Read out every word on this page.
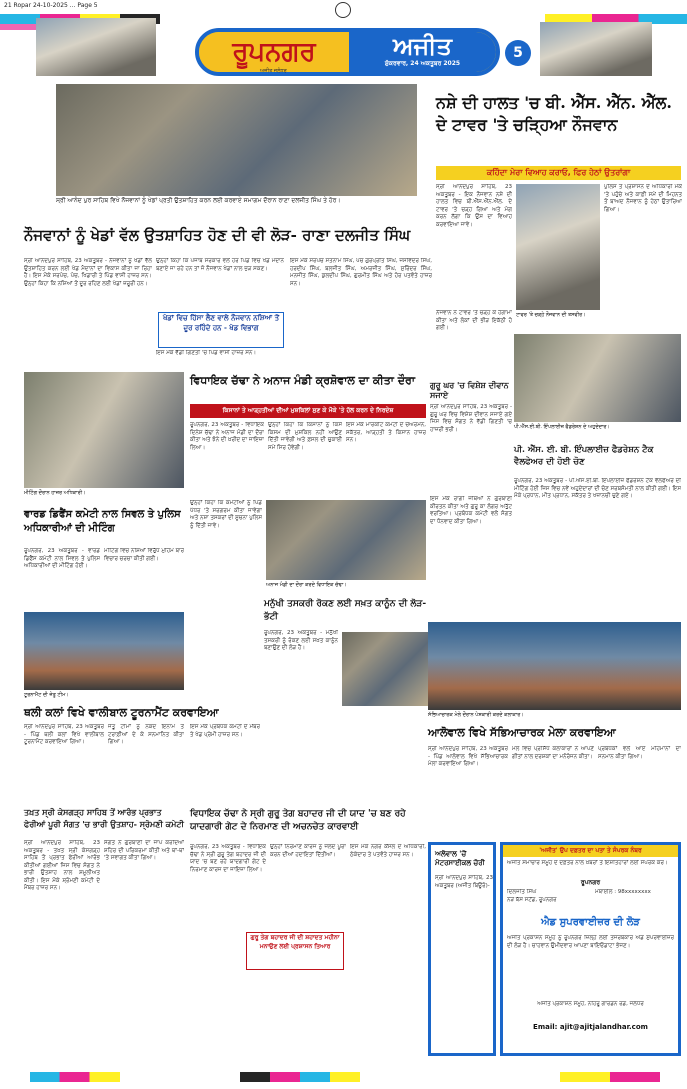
21 Ropar 24-10-2025 ... Page 5
ਰੂਪਨਗਰ	ਅਜੀਤ
ਸ਼ੁੱਕਰਵਾਰ, 24 ਅਕਤੂਬਰ 2025
5
ਅਜੀਤ ਜਲੰਧਰ
ਸ੍ਰੀ ਆਨੰਦ ਪੁਰ ਸਾਹਿਬ ਵਿਖੇ ਨੌਜਵਾਨਾਂ ਨੂੰ ਖੇਡਾਂ ਪ੍ਰਤੀ ਉਤਸ਼ਾਹਿਤ ਕਰਨ ਲਈ ਕਰਵਾਏ ਸਮਾਗਮ ਦੌਰਾਨ ਰਾਣਾ ਦਲਜੀਤ ਸਿੰਘ ਤੇ ਹੋਰ।
ਨੌਜਵਾਨਾਂ ਨੂੰ ਖੇਡਾਂ ਵੱਲ ਉਤਸ਼ਾਹਿਤ ਹੋਣ ਦੀ ਵੀ ਲੋੜ- ਰਾਣਾ ਦਲਜੀਤ ਸਿੰਘ
ਸ੍ਰੀ ਆਨੰਦਪੁਰ ਸਾਹਿਬ, 23 ਅਕਤੂਬਰ - ਨੌਜਵਾਨਾਂ ਨੂੰ ਖੇਡਾਂ ਵੱਲ ਉਤਸ਼ਾਹਿਤ ਕਰਨ ਲਈ ਖੇਡ ਮੈਦਾਨਾਂ ਦਾ ਵਿਕਾਸ ਕੀਤਾ ਜਾ ਰਿਹਾ ਹੈ। ਇਸ ਮੌਕੇ ਸਰਪੰਚ, ਪੰਚ, ਖਿਡਾਰੀ ਤੇ ਪਿੰਡ ਵਾਸੀ ਹਾਜ਼ਰ ਸਨ। ਉਨ੍ਹਾਂ ਕਿਹਾ ਕਿ ਨਸ਼ਿਆਂ ਤੋਂ ਦੂਰ ਰਹਿਣ ਲਈ ਖੇਡਾਂ ਜ਼ਰੂਰੀ ਹਨ।
ਉਨ੍ਹਾਂ ਕਿਹਾ ਕਿ ਪੰਜਾਬ ਸਰਕਾਰ ਵਲੋਂ ਹਰ ਪਿੰਡ ਵਿਚ ਖੇਡ ਮੈਦਾਨ ਬਣਾਏ ਜਾ ਰਹੇ ਹਨ ਤਾਂ ਜੋ ਨੌਜਵਾਨ ਖੇਡਾਂ ਨਾਲ ਜੁੜ ਸਕਣ।
ਖੇਡਾਂ ਵਿਚ ਹਿੱਸਾ ਲੈਣ ਵਾਲੇ ਨੌਜਵਾਨ ਨਸ਼ਿਆਂ ਤੋਂ ਦੂਰ ਰਹਿੰਦੇ ਹਨ - ਖੇਡ ਵਿਭਾਗ
ਇਸ ਮੌਕੇ ਵੱਡੀ ਗਿਣਤੀ 'ਚ ਪਿੰਡ ਵਾਸੀ ਹਾਜ਼ਰ ਸਨ।
ਇਸ ਮੌਕੇ ਸਰਪੰਚ ਸਤਨਾਮ ਸਿੰਘ, ਪੰਚ ਗੁਰਪ੍ਰੀਤ ਸਿੰਘ, ਜਸਵਿੰਦਰ ਸਿੰਘ, ਹਰਦੀਪ ਸਿੰਘ, ਬਲਜੀਤ ਸਿੰਘ, ਅਮਰਜੀਤ ਸਿੰਘ, ਸੁਰਿੰਦਰ ਸਿੰਘ, ਮਨਜੀਤ ਸਿੰਘ, ਕੁਲਦੀਪ ਸਿੰਘ, ਗੁਰਮੀਤ ਸਿੰਘ ਅਤੇ ਹੋਰ ਪਤਵੰਤੇ ਹਾਜ਼ਰ ਸਨ।
ਨਸ਼ੇ ਦੀ ਹਾਲਤ 'ਚ ਬੀ. ਐੱਸ. ਐੱਨ. ਐੱਲ. ਦੇ ਟਾਵਰ 'ਤੇ ਚੜ੍ਹਿਆ ਨੌਜਵਾਨ
ਕਹਿੰਦਾ ਮੇਰਾ ਵਿਆਹ ਕਰਾਓ, ਫਿਰ ਹੇਠਾਂ ਉਤਰਾਂਗਾ
ਸ੍ਰੀ ਆਨੰਦਪੁਰ ਸਾਹਿਬ, 23 ਅਕਤੂਬਰ - ਇਕ ਨੌਜਵਾਨ ਨਸ਼ੇ ਦੀ ਹਾਲਤ ਵਿਚ ਬੀ.ਐੱਸ.ਐੱਨ.ਐੱਲ. ਦੇ ਟਾਵਰ 'ਤੇ ਚੜ੍ਹ ਗਿਆ ਅਤੇ ਮੰਗ ਕਰਨ ਲੱਗਾ ਕਿ ਉਸ ਦਾ ਵਿਆਹ ਕਰਵਾਇਆ ਜਾਵੇ।
ਪੁਲਿਸ ਤੇ ਪ੍ਰਸ਼ਾਸਨ ਦੇ ਅਧਿਕਾਰੀ ਮੌਕੇ 'ਤੇ ਪਹੁੰਚੇ ਅਤੇ ਕਾਫ਼ੀ ਸਮੇਂ ਦੀ ਮਿਹਨਤ ਤੋਂ ਬਾਅਦ ਨੌਜਵਾਨ ਨੂੰ ਹੇਠਾਂ ਉਤਾਰਿਆ ਗਿਆ।
ਟਾਵਰ 'ਤੇ ਚੜ੍ਹੇ ਨੌਜਵਾਨ ਦੀ ਤਸਵੀਰ।
ਨੌਜਵਾਨ ਨੇ ਟਾਵਰ 'ਤੇ ਚੜ੍ਹ ਕੇ ਹੰਗਾਮਾ ਕੀਤਾ ਅਤੇ ਲੋਕਾਂ ਦੀ ਭੀੜ ਇਕੱਠੀ ਹੋ ਗਈ।
ਗੁਰੂ ਘਰ 'ਚ ਵਿਸ਼ੇਸ਼ ਦੀਵਾਨ ਸਜਾਏ
ਸ੍ਰੀ ਆਨੰਦਪੁਰ ਸਾਹਿਬ, 23 ਅਕਤੂਬਰ - ਗੁਰੂ ਘਰ ਵਿਚ ਵਿਸ਼ੇਸ਼ ਦੀਵਾਨ ਸਜਾਏ ਗਏ ਜਿਸ ਵਿਚ ਸੰਗਤ ਨੇ ਵੱਡੀ ਗਿਣਤੀ 'ਚ ਹਾਜ਼ਰੀ ਭਰੀ।	ਪੀ.ਐੱਸ.ਈ.ਬੀ. ਇੰਪਲਾਈਜ਼ ਫੈਡਰੇਸ਼ਨ ਦੇ ਅਹੁਦੇਦਾਰ।
ਪੀ. ਐੱਸ. ਈ. ਬੀ. ਇੰਪਲਾਈਜ਼ ਫੈਡਰੇਸ਼ਨ ਟੈਕ ਵੈਲਫੇਅਰ ਦੀ ਹੋਈ ਚੋਣ
ਰੂਪਨਗਰ, 23 ਅਕਤੂਬਰ - ਪੀ.ਐੱਸ.ਈ.ਬੀ. ਇੰਪਲਾਈਜ਼ ਫੈਡਰੇਸ਼ਨ ਟੈਕ ਵੈਲਫੇਅਰ ਦੀ ਮੀਟਿੰਗ ਹੋਈ ਜਿਸ ਵਿਚ ਨਵੇਂ ਅਹੁਦੇਦਾਰਾਂ ਦੀ ਚੋਣ ਸਰਬਸੰਮਤੀ ਨਾਲ ਕੀਤੀ ਗਈ। ਇਸ ਮੌਕੇ ਪ੍ਰਧਾਨ, ਮੀਤ ਪ੍ਰਧਾਨ, ਸਕੱਤਰ ਤੇ ਖਜ਼ਾਨਚੀ ਚੁਣੇ ਗਏ।
ਇਸ ਮੌਕੇ ਰਾਗੀ ਜਥਿਆਂ ਨੇ ਗੁਰਬਾਣੀ ਕੀਰਤਨ ਕੀਤਾ ਅਤੇ ਗੁਰੂ ਕਾ ਲੰਗਰ ਅਤੁੱਟ ਵਰਤਿਆ। ਪ੍ਰਬੰਧਕ ਕਮੇਟੀ ਵਲੋਂ ਸੰਗਤ ਦਾ ਧੰਨਵਾਦ ਕੀਤਾ ਗਿਆ।
ਮੀਟਿੰਗ ਦੌਰਾਨ ਹਾਜ਼ਰ ਅਧਿਕਾਰੀ।
ਵਿਧਾਇਕ ਚੱਢਾ ਨੇ ਅਨਾਜ ਮੰਡੀ ਕ੍ਰਸ਼ੋਵਾਲ ਦਾ ਕੀਤਾ ਦੌਰਾ
ਕਿਸਾਨਾਂ ਤੇ ਆੜ੍ਹਤੀਆਂ ਦੀਆਂ ਮੁਸ਼ਕਿਲਾਂ ਸੁਣ ਕੇ ਮੌਕੇ 'ਤੇ ਹੱਲ ਕਰਨ ਦੇ ਨਿਰਦੇਸ਼
ਰੂਪਨਗਰ, 23 ਅਕਤੂਬਰ - ਵਿਧਾਇਕ ਦਿਨੇਸ਼ ਚੱਢਾ ਨੇ ਅਨਾਜ ਮੰਡੀ ਦਾ ਦੌਰਾ ਕੀਤਾ ਅਤੇ ਝੋਨੇ ਦੀ ਖ਼ਰੀਦ ਦਾ ਜਾਇਜ਼ਾ ਲਿਆ।
ਉਨ੍ਹਾਂ ਕਿਹਾ ਕਿ ਕਿਸਾਨਾਂ ਨੂੰ ਕਿਸੇ ਕਿਸਮ ਦੀ ਮੁਸ਼ਕਿਲ ਨਹੀਂ ਆਉਣ ਦਿੱਤੀ ਜਾਵੇਗੀ ਅਤੇ ਫ਼ਸਲ ਦੀ ਚੁਕਾਈ ਸਮੇਂ ਸਿਰ ਹੋਵੇਗੀ।
ਇਸ ਮੌਕੇ ਮਾਰਕੀਟ ਕਮੇਟੀ ਦੇ ਚੇਅਰਮੈਨ, ਸਕੱਤਰ, ਆੜ੍ਹਤੀ ਤੇ ਕਿਸਾਨ ਹਾਜ਼ਰ ਸਨ।
ਅਨਾਜ ਮੰਡੀ ਦਾ ਦੌਰਾ ਕਰਦੇ ਵਿਧਾਇਕ ਚੱਢਾ।
ਵਾਰਡ ਡਿਫੈਂਸ ਕਮੇਟੀ ਨਾਲ ਸਿਵਲ ਤੇ ਪੁਲਿਸ ਅਧਿਕਾਰੀਆਂ ਦੀ ਮੀਟਿੰਗ
ਰੂਪਨਗਰ, 23 ਅਕਤੂਬਰ - ਵਾਰਡ ਡਿਫੈਂਸ ਕਮੇਟੀ ਨਾਲ ਸਿਵਲ ਤੇ ਪੁਲਿਸ ਅਧਿਕਾਰੀਆਂ ਦੀ ਮੀਟਿੰਗ ਹੋਈ।
ਮੀਟਿੰਗ ਵਿਚ ਨਸ਼ਿਆਂ ਵਿਰੁੱਧ ਮੁਹਿੰਮ ਬਾਰੇ ਵਿਚਾਰ ਚਰਚਾ ਕੀਤੀ ਗਈ।
ਉਨ੍ਹਾਂ ਕਿਹਾ ਕਿ ਕਮੇਟੀਆਂ ਨੂੰ ਪਿੰਡ ਪੱਧਰ 'ਤੇ ਸਰਗਰਮ ਕੀਤਾ ਜਾਵੇਗਾ ਅਤੇ ਨਸ਼ਾ ਤਸਕਰਾਂ ਦੀ ਸੂਚਨਾ ਪੁਲਿਸ ਨੂੰ ਦਿੱਤੀ ਜਾਵੇ।
ਟੂਰਨਾਮੈਂਟ ਦੀ ਜੇਤੂ ਟੀਮ।
ਮਨੁੱਖੀ ਤਸਕਰੀ ਰੋਕਣ ਲਈ ਸਖ਼ਤ ਕਾਨੂੰਨ ਦੀ ਲੋੜ- ਭੱਟੀ
ਰੂਪਨਗਰ, 23 ਅਕਤੂਬਰ - ਮਨੁੱਖੀ ਤਸਕਰੀ ਨੂੰ ਰੋਕਣ ਲਈ ਸਖ਼ਤ ਕਾਨੂੰਨ ਬਣਾਉਣ ਦੀ ਲੋੜ ਹੈ।
ਥਲੀ ਕਲਾਂ ਵਿਖੇ ਵਾਲੀਬਾਲ ਟੂਰਨਾਮੈਂਟ ਕਰਵਾਇਆ
ਸ੍ਰੀ ਆਨੰਦਪੁਰ ਸਾਹਿਬ, 23 ਅਕਤੂਬਰ - ਪਿੰਡ ਥਲੀ ਕਲਾਂ ਵਿਖੇ ਵਾਲੀਬਾਲ ਟੂਰਨਾਮੈਂਟ ਕਰਵਾਇਆ ਗਿਆ।
ਜੇਤੂ ਟੀਮਾਂ ਨੂੰ ਨਕਦ ਇਨਾਮ ਤੇ ਟਰਾਫ਼ੀਆਂ ਦੇ ਕੇ ਸਨਮਾਨਿਤ ਕੀਤਾ ਗਿਆ।
ਇਸ ਮੌਕੇ ਪ੍ਰਬੰਧਕ ਕਮੇਟੀ ਦੇ ਮੈਂਬਰ ਤੇ ਖੇਡ ਪ੍ਰੇਮੀ ਹਾਜ਼ਰ ਸਨ।
ਸੱਭਿਆਚਾਰਕ ਮੇਲੇ ਦੌਰਾਨ ਪੇਸ਼ਕਾਰੀ ਕਰਦੇ ਕਲਾਕਾਰ।
ਆਲੋਵਾਲ ਵਿਖੇ ਸੱਭਿਆਚਾਰਕ ਮੇਲਾ ਕਰਵਾਇਆ
ਸ੍ਰੀ ਆਨੰਦਪੁਰ ਸਾਹਿਬ, 23 ਅਕਤੂਬਰ - ਪਿੰਡ ਆਲੋਵਾਲ ਵਿਖੇ ਸੱਭਿਆਚਾਰਕ ਮੇਲਾ ਕਰਵਾਇਆ ਗਿਆ।
ਮੇਲੇ ਵਿਚ ਪ੍ਰਸਿੱਧ ਕਲਾਕਾਰਾਂ ਨੇ ਆਪਣੇ ਗੀਤਾਂ ਨਾਲ ਦਰਸ਼ਕਾਂ ਦਾ ਮਨੋਰੰਜਨ ਕੀਤਾ।
ਪ੍ਰਬੰਧਕਾਂ ਵਲੋਂ ਆਏ ਮਹਿਮਾਨਾਂ ਦਾ ਸਨਮਾਨ ਕੀਤਾ ਗਿਆ।
ਤਖ਼ਤ ਸ੍ਰੀ ਕੇਸਗੜ੍ਹ ਸਾਹਿਬ ਤੋਂ ਆਰੰਭ ਪ੍ਰਭਾਤ ਫੇਰੀਆਂ ਪੂਰੀ ਸੰਗਤ 'ਚ ਭਾਰੀ ਉਤਸ਼ਾਹ- ਸ੍ਰੋਮਣੀ ਕਮੇਟੀ
ਸ੍ਰੀ ਆਨੰਦਪੁਰ ਸਾਹਿਬ, 23 ਅਕਤੂਬਰ - ਤਖ਼ਤ ਸ੍ਰੀ ਕੇਸਗੜ੍ਹ ਸਾਹਿਬ ਤੋਂ ਪ੍ਰਭਾਤ ਫੇਰੀਆਂ ਆਰੰਭ ਕੀਤੀਆਂ ਗਈਆਂ ਜਿਸ ਵਿਚ ਸੰਗਤ ਨੇ ਭਾਰੀ ਉਤਸ਼ਾਹ ਨਾਲ ਸ਼ਮੂਲੀਅਤ ਕੀਤੀ। ਇਸ ਮੌਕੇ ਸ਼੍ਰੋਮਣੀ ਕਮੇਟੀ ਦੇ ਮੈਂਬਰ ਹਾਜ਼ਰ ਸਨ।
ਸੰਗਤ ਨੇ ਗੁਰਬਾਣੀ ਦਾ ਜਾਪ ਕਰਦਿਆਂ ਸ਼ਹਿਰ ਦੀ ਪਰਿਕਰਮਾ ਕੀਤੀ ਅਤੇ ਥਾਂ-ਥਾਂ 'ਤੇ ਸਵਾਗਤ ਕੀਤਾ ਗਿਆ।
ਵਿਧਾਇਕ ਚੱਢਾ ਨੇ ਸ੍ਰੀ ਗੁਰੂ ਤੇਗ ਬਹਾਦਰ ਜੀ ਦੀ ਯਾਦ 'ਚ ਬਣ ਰਹੇ ਯਾਦਗਾਰੀ ਗੇਟ ਦੇ ਨਿਰਮਾਣ ਦੀ ਅਚਨਚੇਤ ਕਾਰਵਾਈ
ਰੂਪਨਗਰ, 23 ਅਕਤੂਬਰ - ਵਿਧਾਇਕ ਚੱਢਾ ਨੇ ਸ੍ਰੀ ਗੁਰੂ ਤੇਗ ਬਹਾਦਰ ਜੀ ਦੀ ਯਾਦ 'ਚ ਬਣ ਰਹੇ ਯਾਦਗਾਰੀ ਗੇਟ ਦੇ ਨਿਰਮਾਣ ਕਾਰਜ ਦਾ ਜਾਇਜ਼ਾ ਲਿਆ।
ਗੁਰੂ ਤੇਗ ਬਹਾਦਰ ਜੀ ਦੀ ਸ਼ਹਾਦਤ ਮਹੀਨਾ ਮਨਾਉਣ ਲਈ ਪ੍ਰਸ਼ਾਸਨ ਤਿਆਰ
ਉਨ੍ਹਾਂ ਨਿਰਮਾਣ ਕਾਰਜ ਨੂੰ ਜਲਦ ਪੂਰਾ ਕਰਨ ਦੀਆਂ ਹਦਾਇਤਾਂ ਦਿੱਤੀਆਂ।
ਇਸ ਮੌਕੇ ਨਗਰ ਕੌਂਸਲ ਦੇ ਅਧਿਕਾਰੀ, ਠੇਕੇਦਾਰ ਤੇ ਪਤਵੰਤੇ ਹਾਜ਼ਰ ਸਨ।	ਅਲੋਵਾਲ 'ਚੋਂ ਮੋਟਰਸਾਈਕਲ ਚੋਰੀ
ਸ੍ਰੀ ਆਨੰਦਪੁਰ ਸਾਹਿਬ, 23 ਅਕਤੂਬਰ (ਅਜੀਤ ਬਿਊਰੋ)-
'ਅਜੀਤ' ਉਪ ਦਫ਼ਤਰ ਦਾ ਪਤਾ ਤੇ ਸੰਪਰਕ ਨੰਬਰ
ਅਜੀਤ ਸਮਾਚਾਰ ਸਮੂਹ ਦੇ ਦਫ਼ਤਰ ਨਾਲ ਖ਼ਬਰਾਂ ਤੇ ਇਸ਼ਤਿਹਾਰਾਂ ਲਈ ਸੰਪਰਕ ਕਰੋ।
ਰੂਪਨਗਰ
ਦਿਲਜੀਤ ਸਿੰਘ
ਨੇੜੇ ਬੱਸ ਸਟੈਂਡ, ਰੂਪਨਗਰ
ਮੋਬਾਈਲ : 98xxxxxxxx
ਐਡ ਸੁਪਰਵਾਈਜ਼ਰ ਦੀ ਲੋੜ
ਅਜੀਤ ਪ੍ਰਕਾਸ਼ਨ ਸਮੂਹ ਨੂੰ ਰੂਪਨਗਰ ਜ਼ਿਲ੍ਹੇ ਲਈ ਤਜਰਬੇਕਾਰ ਐਡ ਸੁਪਰਵਾਈਜ਼ਰ ਦੀ ਲੋੜ ਹੈ। ਚਾਹਵਾਨ ਉਮੀਦਵਾਰ ਆਪਣਾ ਬਾਇਓਡਾਟਾ ਭੇਜਣ।
ਅਜੀਤ ਪ੍ਰਕਾਸ਼ਨ ਸਮੂਹ, ਨਹਿਰੂ ਗਾਰਡਨ ਰੋਡ, ਜਲੰਧਰ
Email: ajit@ajitjalandhar.com
